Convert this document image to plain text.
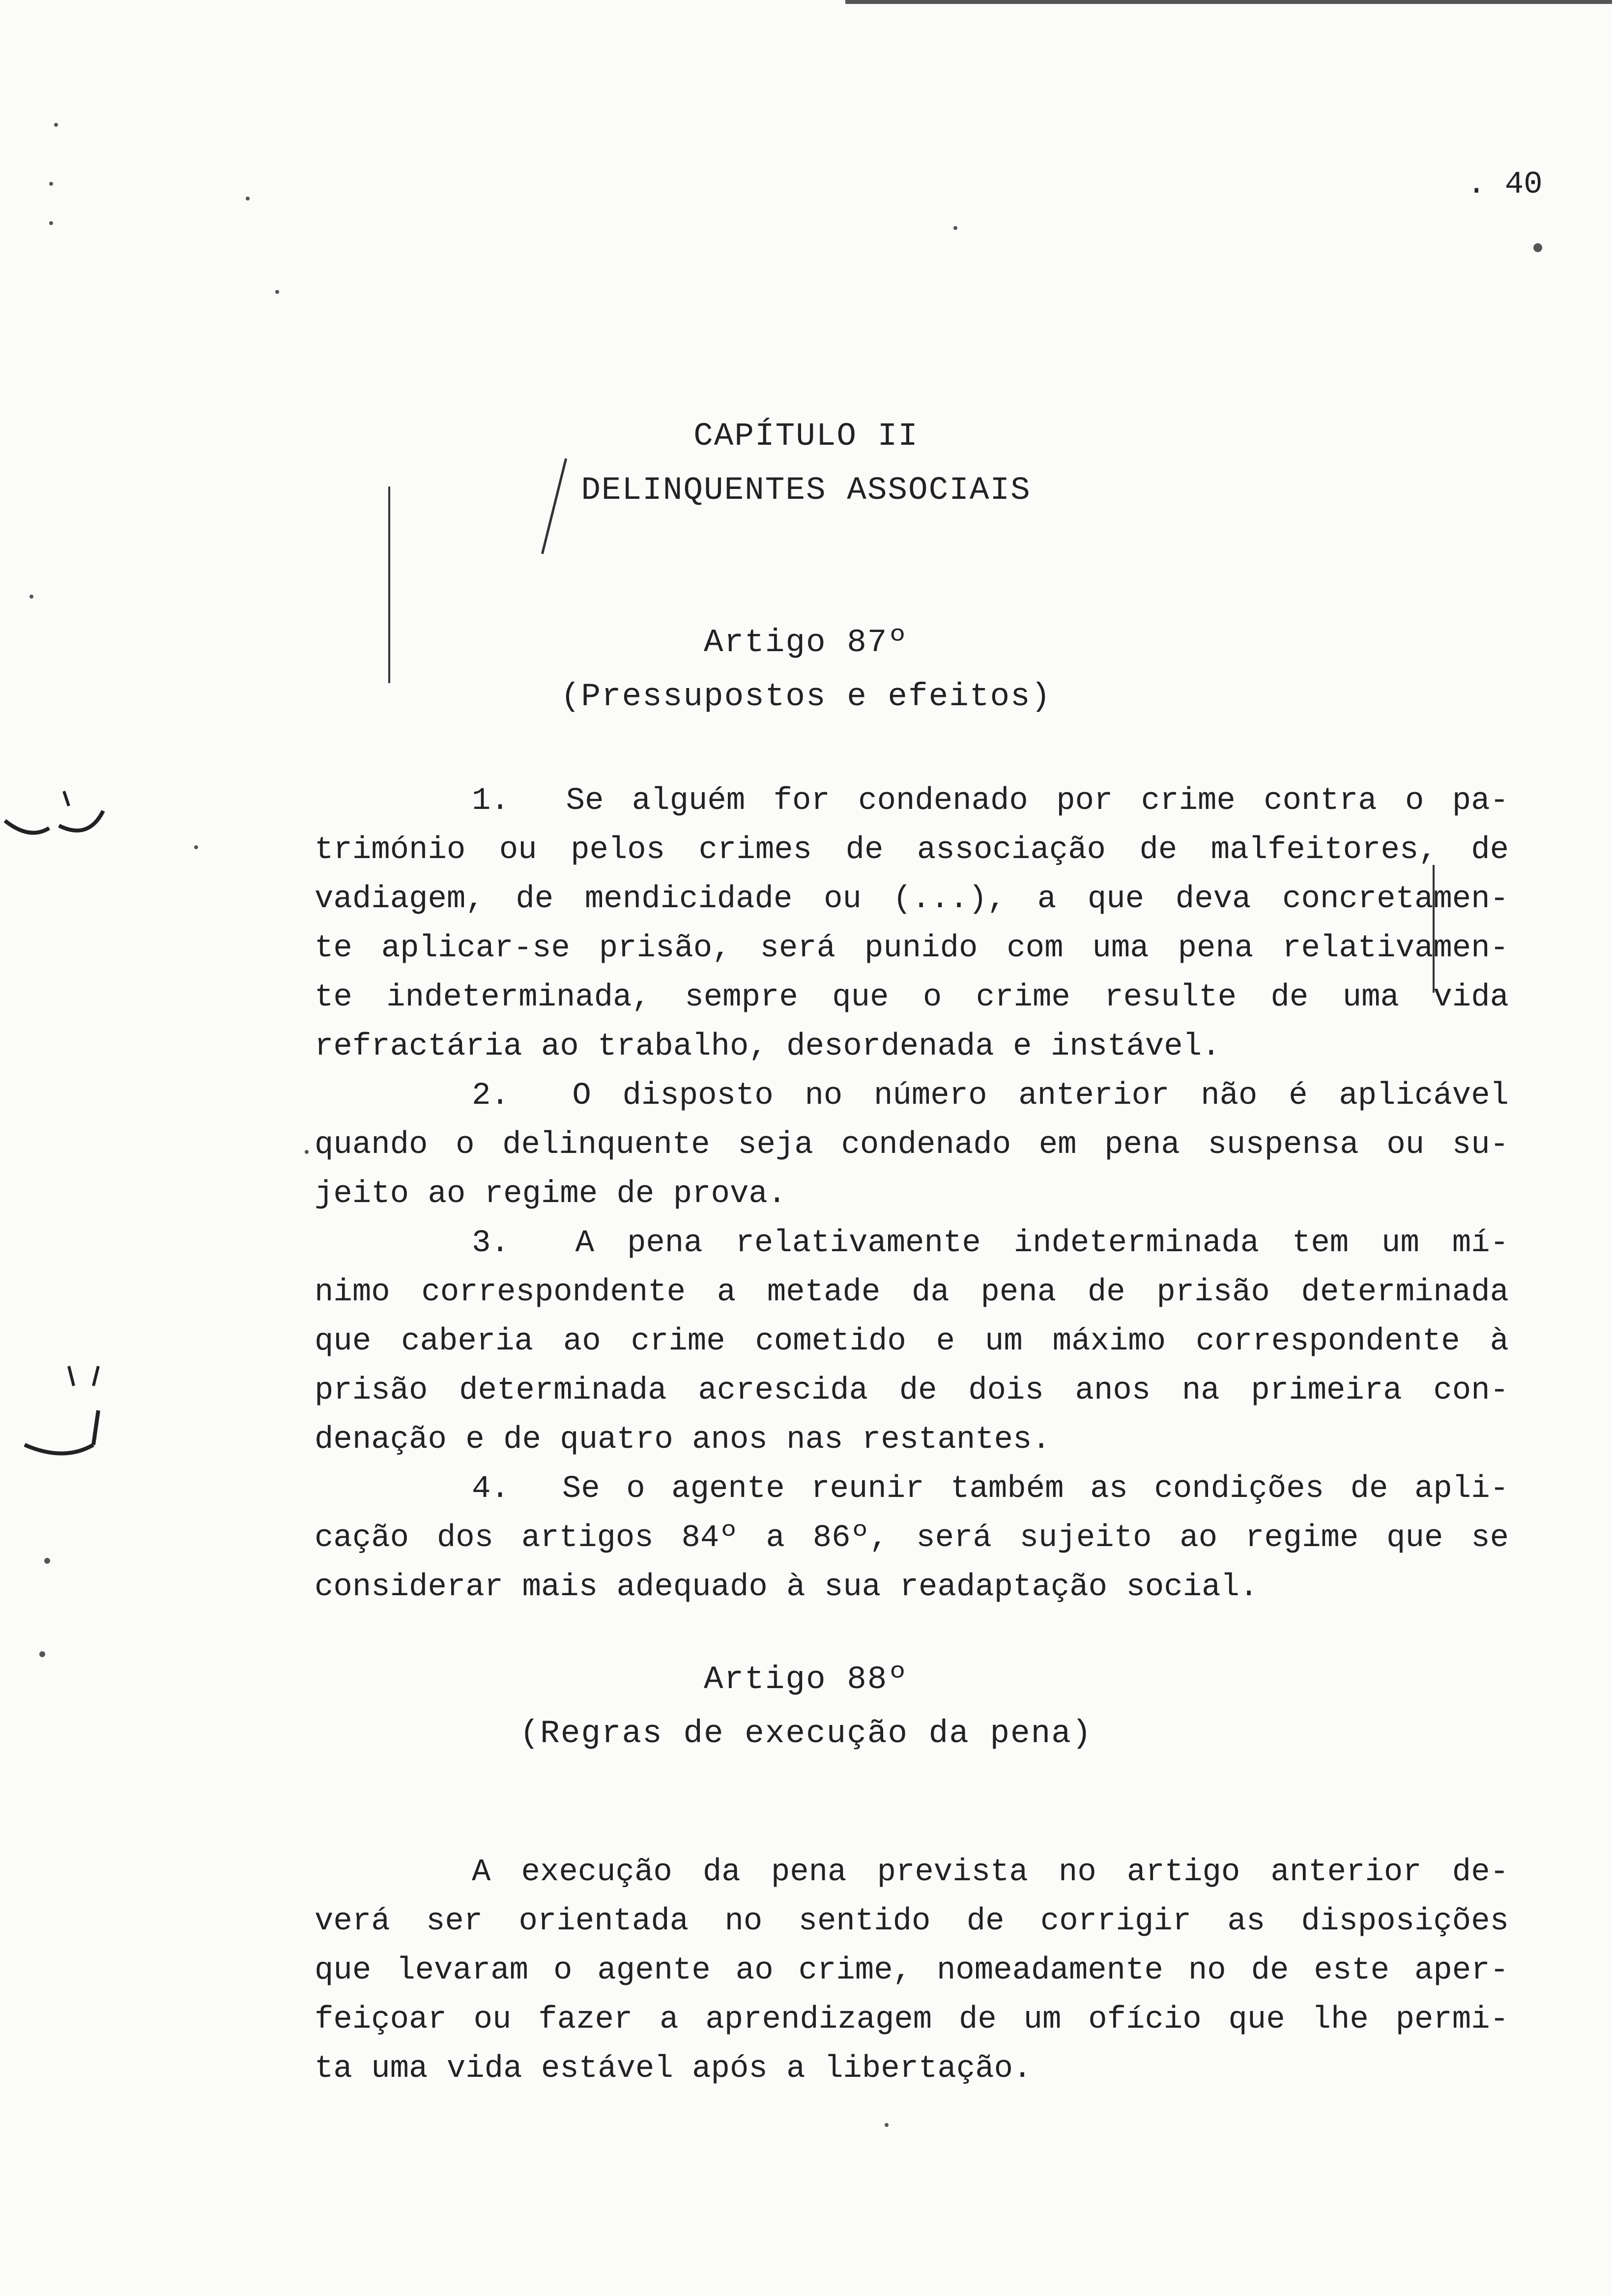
. 40
CAPÍTULO II
DELINQUENTES ASSOCIAIS
Artigo 87º
(Pressupostos e efeitos)
1.  Se alguém for condenado por crime contra o pa-
trimónio ou pelos crimes de associação de malfeitores, de
vadiagem, de mendicidade ou (...), a que deva concretamen-
te aplicar-se prisão, será punido com uma pena relativamen-
te indeterminada, sempre que o crime resulte de uma vida
refractária ao trabalho, desordenada e instável.
2.  O disposto no número anterior não é aplicável
quando o delinquente seja condenado em pena suspensa ou su-
jeito ao regime de prova.
3.  A pena relativamente indeterminada tem um mí-
nimo correspondente a metade da pena de prisão determinada
que caberia ao crime cometido e um máximo correspondente à
prisão determinada acrescida de dois anos na primeira con-
denação e de quatro anos nas restantes.
4.  Se o agente reunir também as condições de apli-
cação dos artigos 84º a 86º, será sujeito ao regime que se
considerar mais adequado à sua readaptação social.
Artigo 88º
(Regras de execução da pena)
A execução da pena prevista no artigo anterior de-
verá ser orientada no sentido de corrigir as disposições
que levaram o agente ao crime, nomeadamente no de este aper-
feiçoar ou fazer a aprendizagem de um ofício que lhe permi-
ta uma vida estável após a libertação.
